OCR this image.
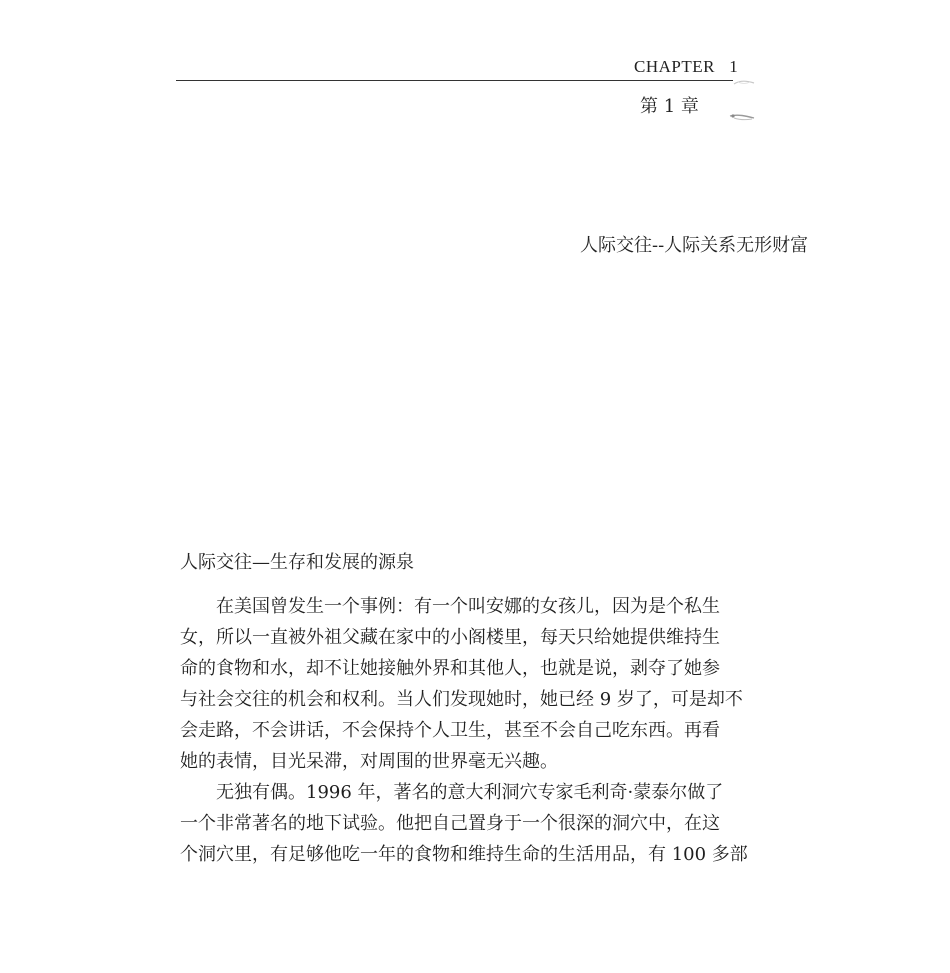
CHAPTER   1
第 1 章
人际交往--人际关系无形财富
人际交往—生存和发展的源泉
　　在美国曾发生一个事例：有一个叫安娜的女孩儿，因为是个私生
女，所以一直被外祖父藏在家中的小阁楼里，每天只给她提供维持生
命的食物和水，却不让她接触外界和其他人，也就是说，剥夺了她参
与社会交往的机会和权利。当人们发现她时，她已经 9 岁了，可是却不
会走路，不会讲话，不会保持个人卫生，甚至不会自己吃东西。再看
她的表情，目光呆滞，对周围的世界毫无兴趣。
　　无独有偶。1996 年，著名的意大利洞穴专家毛利奇·蒙泰尔做了
一个非常著名的地下试验。他把自己置身于一个很深的洞穴中，在这
个洞穴里，有足够他吃一年的食物和维持生命的生活用品，有 100 多部
